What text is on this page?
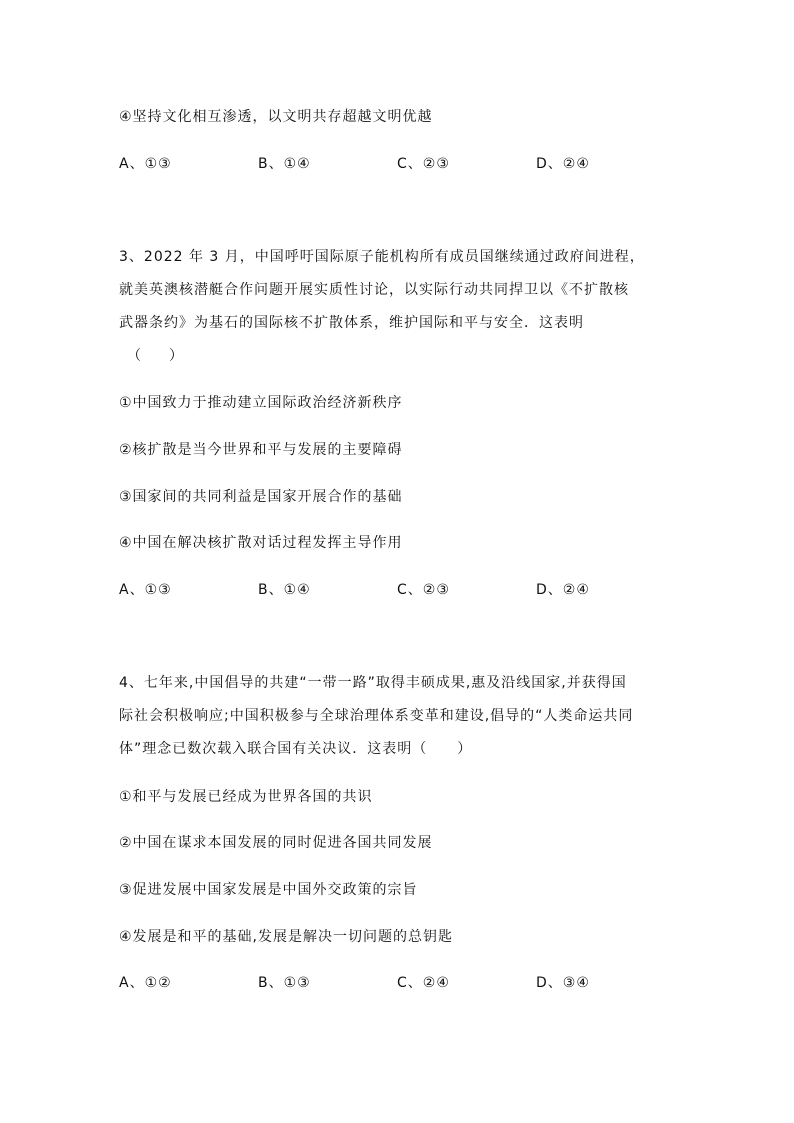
④坚持文化相互渗透，以文明共存超越文明优越
A、①③	B、①④	C、②③	D、②④
3、2022 年 3 月，中国呼吁国际原子能机构所有成员国继续通过政府间进程，
就美英澳核潜艇合作问题开展实质性讨论，以实际行动共同捍卫以《不扩散核
武器条约》为基石的国际核不扩散体系，维护国际和平与安全．这表明
（　　）
①中国致力于推动建立国际政治经济新秩序
②核扩散是当今世界和平与发展的主要障碍
③国家间的共同利益是国家开展合作的基础
④中国在解决核扩散对话过程发挥主导作用
A、①③	B、①④	C、②③	D、②④
4、七年来,中国倡导的共建“一带一路”取得丰硕成果,惠及沿线国家,并获得国
际社会积极响应;中国积极参与全球治理体系变革和建设,倡导的“人类命运共同
体”理念已数次载入联合国有关决议．这表明（　　）
①和平与发展已经成为世界各国的共识
②中国在谋求本国发展的同时促进各国共同发展
③促进发展中国家发展是中国外交政策的宗旨
④发展是和平的基础,发展是解决一切问题的总钥匙
A、①②	B、①③	C、②④	D、③④
